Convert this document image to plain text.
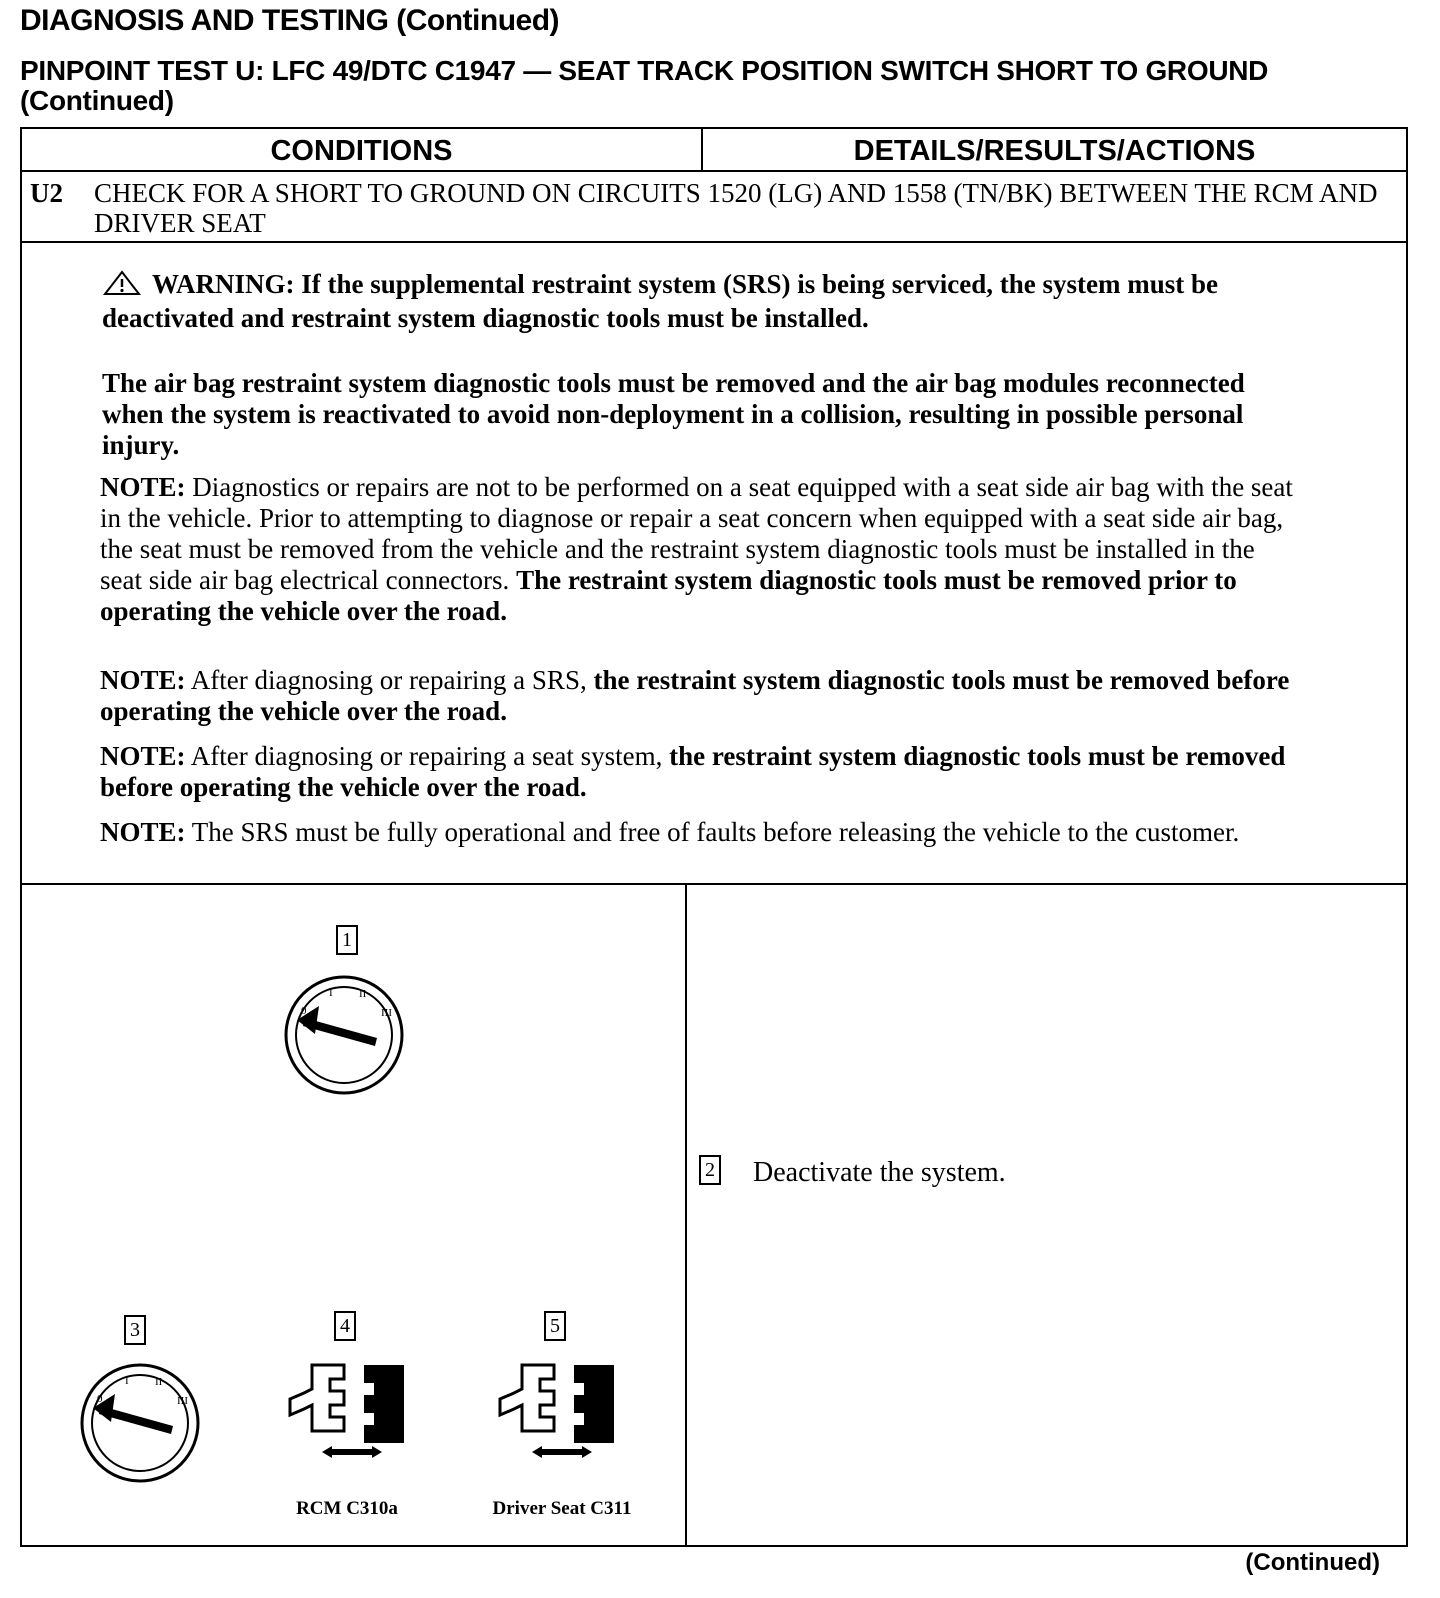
DIAGNOSIS AND TESTING (Continued)
PINPOINT TEST U: LFC 49/DTC C1947 — SEAT TRACK POSITION SWITCH SHORT TO GROUND (Continued)
CONDITIONS	DETAILS/RESULTS/ACTIONS
U2 CHECK FOR A SHORT TO GROUND ON CIRCUITS 1520 (LG) AND 1558 (TN/BK) BETWEEN THE RCM AND DRIVER SEAT
WARNING: If the supplemental restraint system (SRS) is being serviced, the system must be deactivated and restraint system diagnostic tools must be installed.
The air bag restraint system diagnostic tools must be removed and the air bag modules reconnected when the system is reactivated to avoid non-deployment in a collision, resulting in possible personal injury.
NOTE: Diagnostics or repairs are not to be performed on a seat equipped with a seat side air bag with the seat in the vehicle. Prior to attempting to diagnose or repair a seat concern when equipped with a seat side air bag, the seat must be removed from the vehicle and the restraint system diagnostic tools must be installed in the seat side air bag electrical connectors. The restraint system diagnostic tools must be removed prior to operating the vehicle over the road.
NOTE: After diagnosing or repairing a SRS, the restraint system diagnostic tools must be removed before operating the vehicle over the road.
NOTE: After diagnosing or repairing a seat system, the restraint system diagnostic tools must be removed before operating the vehicle over the road.
NOTE: The SRS must be fully operational and free of faults before releasing the vehicle to the customer.
1
0
I II
III
3
0
I II
III
4
RCM C310a
5
Driver Seat C311
2 Deactivate the system.
(Continued)
